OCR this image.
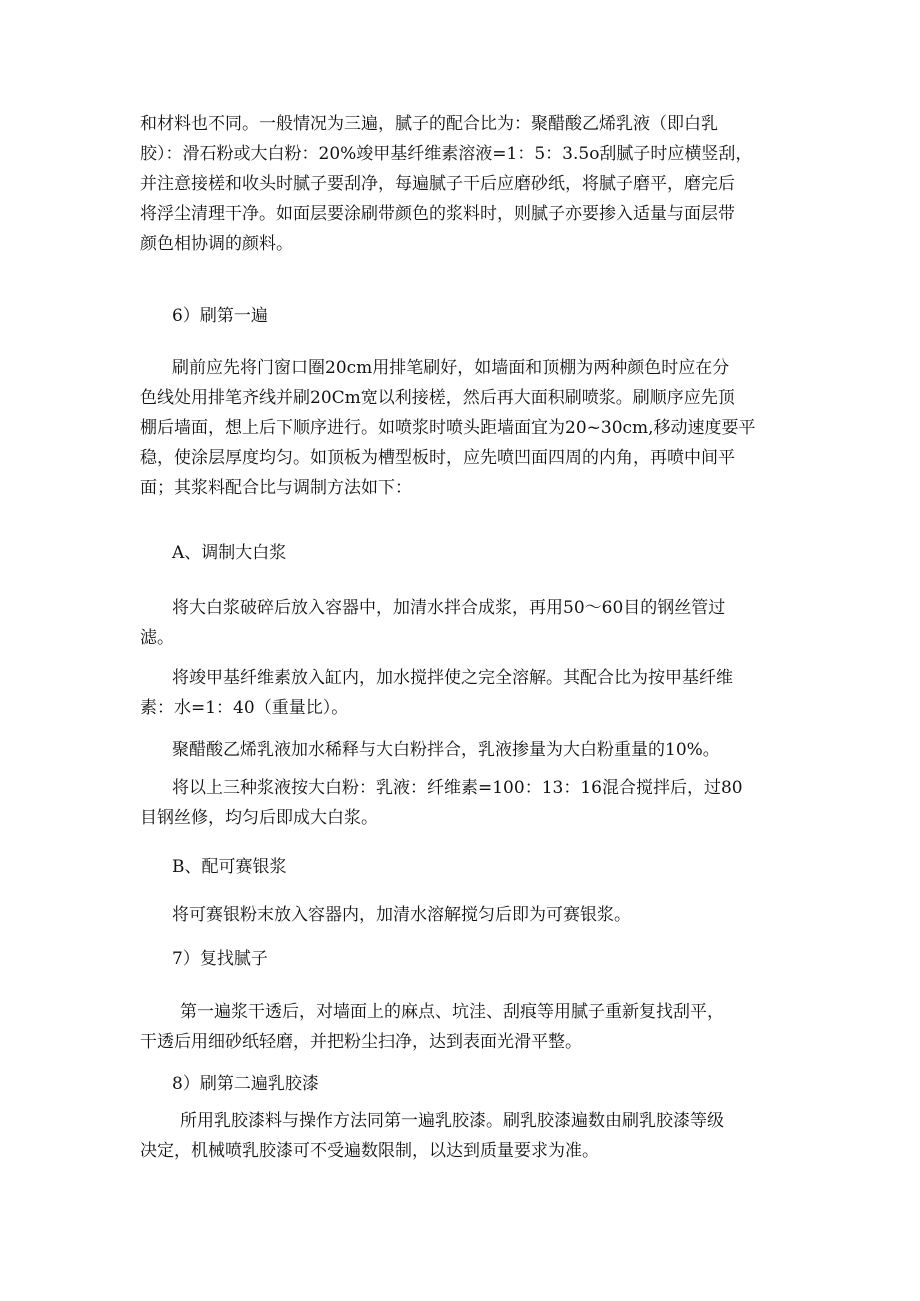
和材料也不同。一般情况为三遍，腻子的配合比为：聚醋酸乙烯乳液（即白乳
胶）：滑石粉或大白粉：20%竣甲基纤维素溶液=1：5：3.5o刮腻子时应横竖刮，
并注意接槎和收头时腻子要刮净，每遍腻子干后应磨砂纸，将腻子磨平，磨完后
将浮尘清理干净。如面层要涂刷带颜色的浆料时，则腻子亦要掺入适量与面层带
颜色相协调的颜料。

6）刷第一遍

刷前应先将门窗口圈20cm用排笔刷好，如墙面和顶棚为两种颜色时应在分
色线处用排笔齐线并刷20Cm宽以利接槎，然后再大面积刷喷浆。刷顺序应先顶
棚后墙面，想上后下顺序进行。如喷浆时喷头距墙面宜为20~30cm,移动速度要平
稳，使涂层厚度均匀。如顶板为槽型板时，应先喷凹面四周的内角，再喷中间平
面；其浆料配合比与调制方法如下：

A、调制大白浆

将大白浆破碎后放入容器中，加清水拌合成浆，再用50～60目的钢丝管过
滤。

将竣甲基纤维素放入缸内，加水搅拌使之完全溶解。其配合比为按甲基纤维
素：水=1：40（重量比）。

聚醋酸乙烯乳液加水稀释与大白粉拌合，乳液掺量为大白粉重量的10%。

将以上三种浆液按大白粉：乳液：纤维素=100：13：16混合搅拌后，过80
目钢丝修，均匀后即成大白浆。

B、配可赛银浆

将可赛银粉末放入容器内，加清水溶解搅匀后即为可赛银浆。

7）复找腻子

第一遍浆干透后，对墙面上的麻点、坑洼、刮痕等用腻子重新复找刮平，
干透后用细砂纸轻磨，并把粉尘扫净，达到表面光滑平整。

8）刷第二遍乳胶漆

所用乳胶漆料与操作方法同第一遍乳胶漆。刷乳胶漆遍数由刷乳胶漆等级
决定，机械喷乳胶漆可不受遍数限制，以达到质量要求为准。
